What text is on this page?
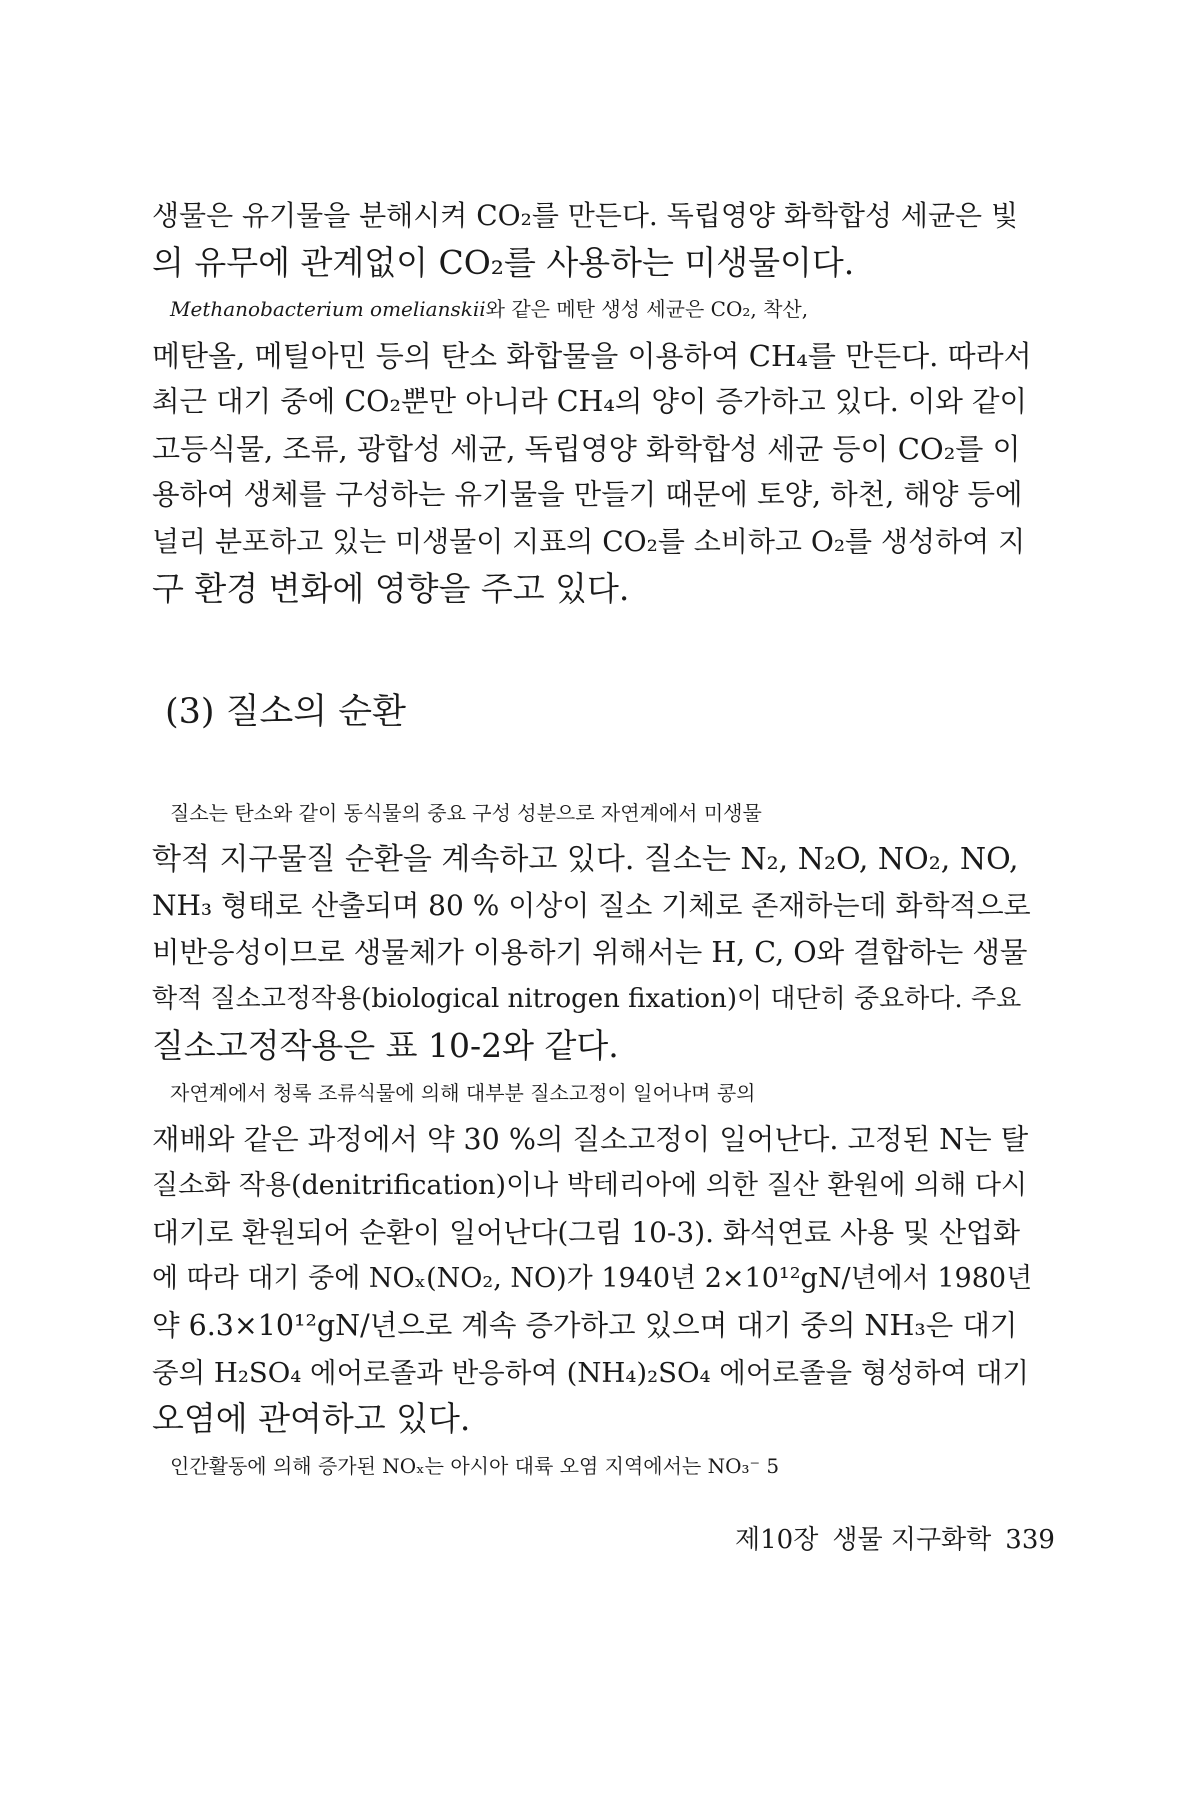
생물은 유기물을 분해시켜 CO₂를 만든다. 독립영양 화학합성 세균은 빛
의 유무에 관계없이 CO₂를 사용하는 미생물이다.

Methanobacterium omelianskii와 같은 메탄 생성 세균은 CO₂, 착산,
메탄올, 메틸아민 등의 탄소 화합물을 이용하여 CH₄를 만든다. 따라서
최근 대기 중에 CO₂뿐만 아니라 CH₄의 양이 증가하고 있다. 이와 같이
고등식물, 조류, 광합성 세균, 독립영양 화학합성 세균 등이 CO₂를 이
용하여 생체를 구성하는 유기물을 만들기 때문에 토양, 하천, 해양 등에
널리 분포하고 있는 미생물이 지표의 CO₂를 소비하고 O₂를 생성하여 지
구 환경 변화에 영향을 주고 있다.

(3) 질소의 순환

질소는 탄소와 같이 동식물의 중요 구성 성분으로 자연계에서 미생물
학적 지구물질 순환을 계속하고 있다. 질소는 N₂, N₂O, NO₂, NO,
NH₃ 형태로 산출되며 80 % 이상이 질소 기체로 존재하는데 화학적으로
비반응성이므로 생물체가 이용하기 위해서는 H, C, O와 결합하는 생물
학적 질소고정작용(biological nitrogen fixation)이 대단히 중요하다. 주요
질소고정작용은 표 10-2와 같다.

자연계에서 청록 조류식물에 의해 대부분 질소고정이 일어나며 콩의
재배와 같은 과정에서 약 30 %의 질소고정이 일어난다. 고정된 N는 탈
질소화 작용(denitrification)이나 박테리아에 의한 질산 환원에 의해 다시
대기로 환원되어 순환이 일어난다(그림 10-3). 화석연료 사용 및 산업화
에 따라 대기 중에 NOₓ(NO₂, NO)가 1940년 2×10¹²gN/년에서 1980년
약 6.3×10¹²gN/년으로 계속 증가하고 있으며 대기 중의 NH₃은 대기
중의 H₂SO₄ 에어로졸과 반응하여 (NH₄)₂SO₄ 에어로졸을 형성하여 대기
오염에 관여하고 있다.

인간활동에 의해 증가된 NOₓ는 아시아 대륙 오염 지역에서는 NO₃⁻ 5

제10장 생물 지구화학 339
